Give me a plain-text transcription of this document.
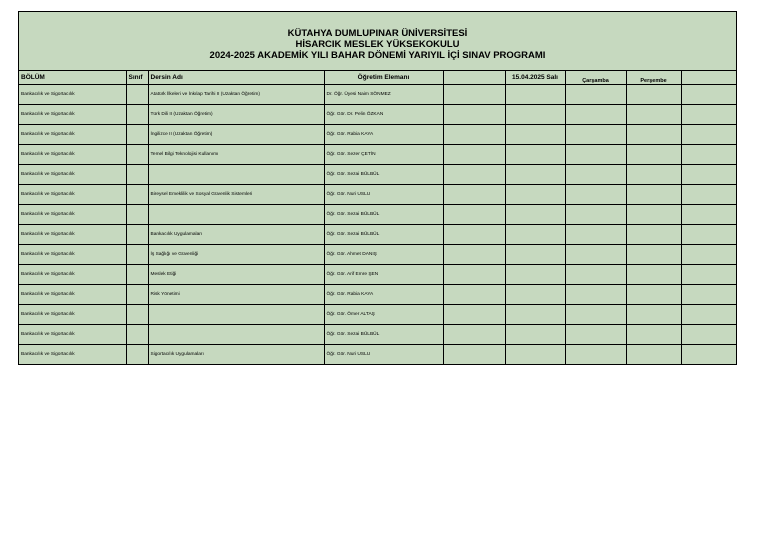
KÜTAHYA DUMLUPINAR ÜNİVERSİTESİ
HİSARCIK MESLEK YÜKSEKOKULU
2024-2025 AKADEMİK YILI BAHAR DÖNEMİ YARIYIL İÇİ SINAV PROGRAMI
BÖLÜM	Sınıf	Dersin Adı	Öğretim Elemanı		15.04.2025 Salı	Çarşamba	Perşembe	
Bankacılık ve Sigortacılık		Atatürk İlkeleri ve İnkılap Tarihi II (Uzaktan Öğretim)	Dr. Öğr. Üyesi Naim SÖNMEZ					
Bankacılık ve Sigortacılık		Türk Dili II (Uzaktan Öğretim)	Öğr. Gör. Dr. Pelin ÖZKAN					
Bankacılık ve Sigortacılık		İngilizce II (Uzaktan Öğretim)	Öğr. Gör. Rabia KAYA					
Bankacılık ve Sigortacılık		Temel Bilgi Teknolojisi Kullanımı	Öğr. Gör. Sezer ÇETİN					
Bankacılık ve Sigortacılık			Öğr. Gör. Sezai BÜLBÜL					
Bankacılık ve Sigortacılık		Bireysel Emeklilik ve Sosyal Güvenlik Sistemleri	Öğr. Gör. Nuri USLU					
Bankacılık ve Sigortacılık			Öğr. Gör. Sezai BÜLBÜL					
Bankacılık ve Sigortacılık		Bankacılık Uygulamaları	Öğr. Gör. Sezai BÜLBÜL					
Bankacılık ve Sigortacılık		İş Sağlığı ve Güvenliği	Öğr. Gör. Ahmet DANIŞ					
Bankacılık ve Sigortacılık		Meslek Etiği	Öğr. Gör. Arif Emre ŞEN					
Bankacılık ve Sigortacılık		Risk Yönetimi	Öğr. Gör. Rabia KAYA					
Bankacılık ve Sigortacılık			Öğr. Gör. Ömer ALTAŞ					
Bankacılık ve Sigortacılık			Öğr. Gör. Sezai BÜLBÜL					
Bankacılık ve Sigortacılık		Sigortacılık Uygulamaları	Öğr. Gör. Nuri USLU					
